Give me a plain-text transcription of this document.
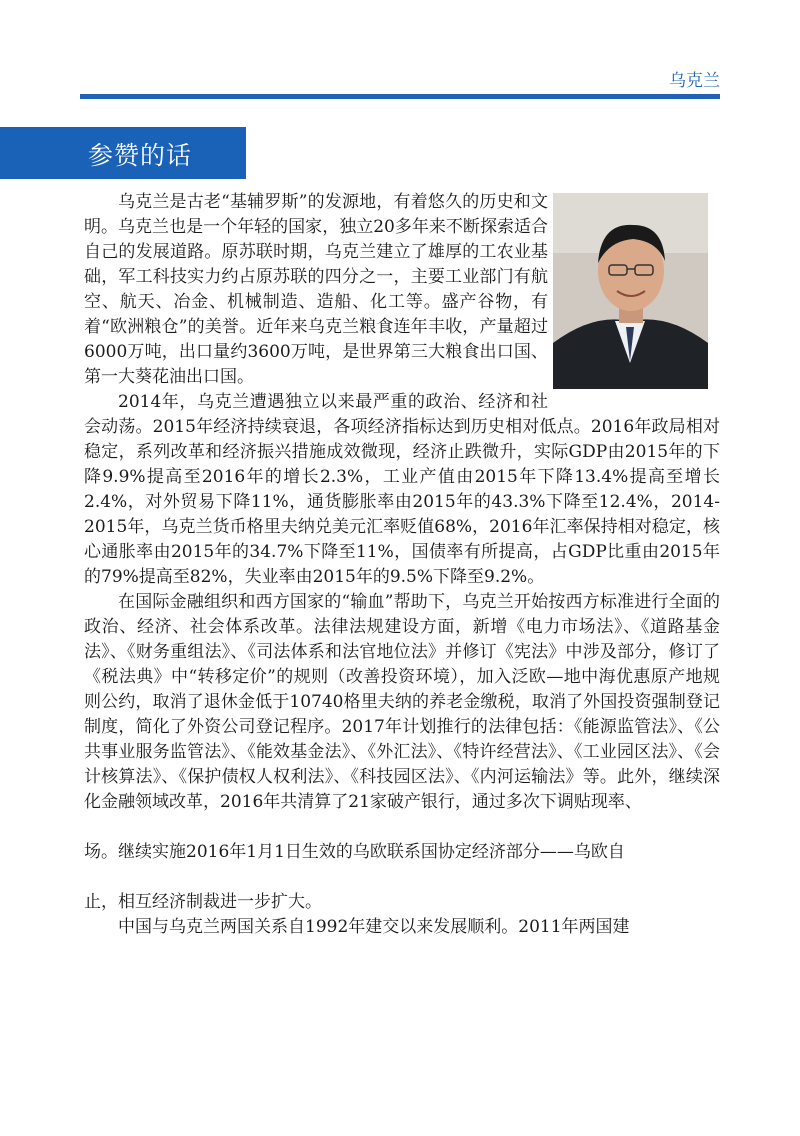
乌克兰
参赞的话

乌克兰是古老“基辅罗斯”的发源地，有着悠久的历史和文明。乌克兰也是一个年轻的国家，独立20多年来不断探索适合自己的发展道路。原苏联时期，乌克兰建立了雄厚的工农业基础，军工科技实力约占原苏联的四分之一，主要工业部门有航空、航天、冶金、机械制造、造船、化工等。盛产谷物，有着“欧洲粮仓”的美誉。近年来乌克兰粮食连年丰收，产量超过6000万吨，出口量约3600万吨，是世界第三大粮食出口国、第一大葵花油出口国。

2014年，乌克兰遭遇独立以来最严重的政治、经济和社会动荡。2015年经济持续衰退，各项经济指标达到历史相对低点。2016年政局相对稳定，系列改革和经济振兴措施成效微现，经济止跌微升，实际GDP由2015年的下降9.9%提高至2016年的增长2.3%，工业产值由2015年下降13.4%提高至增长2.4%，对外贸易下降11%，通货膨胀率由2015年的43.3%下降至12.4%，2014-2015年，乌克兰货币格里夫纳兑美元汇率贬值68%，2016年汇率保持相对稳定，核心通胀率由2015年的34.7%下降至11%，国债率有所提高，占GDP比重由2015年的79%提高至82%，失业率由2015年的9.5%下降至9.2%。

在国际金融组织和西方国家的“输血”帮助下，乌克兰开始按西方标准进行全面的政治、经济、社会体系改革。法律法规建设方面，新增《电力市场法》、《道路基金法》、《财务重组法》、《司法体系和法官地位法》并修订《宪法》中涉及部分，修订了《税法典》中“转移定价”的规则（改善投资环境），加入泛欧—地中海优惠原产地规则公约，取消了退休金低于10740格里夫纳的养老金缴税，取消了外国投资强制登记制度，简化了外资公司登记程序。2017年计划推行的法律包括：《能源监管法》、《公共事业服务监管法》、《能效基金法》、《外汇法》、《特许经营法》、《工业园区法》、《会计核算法》、《保护债权人权利法》、《科技园区法》、《内河运输法》等。此外，继续深化金融领域改革，2016年共清算了21家破产银行，通过多次下调贴现率、

场。继续实施2016年1月1日生效的乌欧联系国协定经济部分——乌欧自

止，相互经济制裁进一步扩大。

中国与乌克兰两国关系自1992年建交以来发展顺利。2011年两国建
